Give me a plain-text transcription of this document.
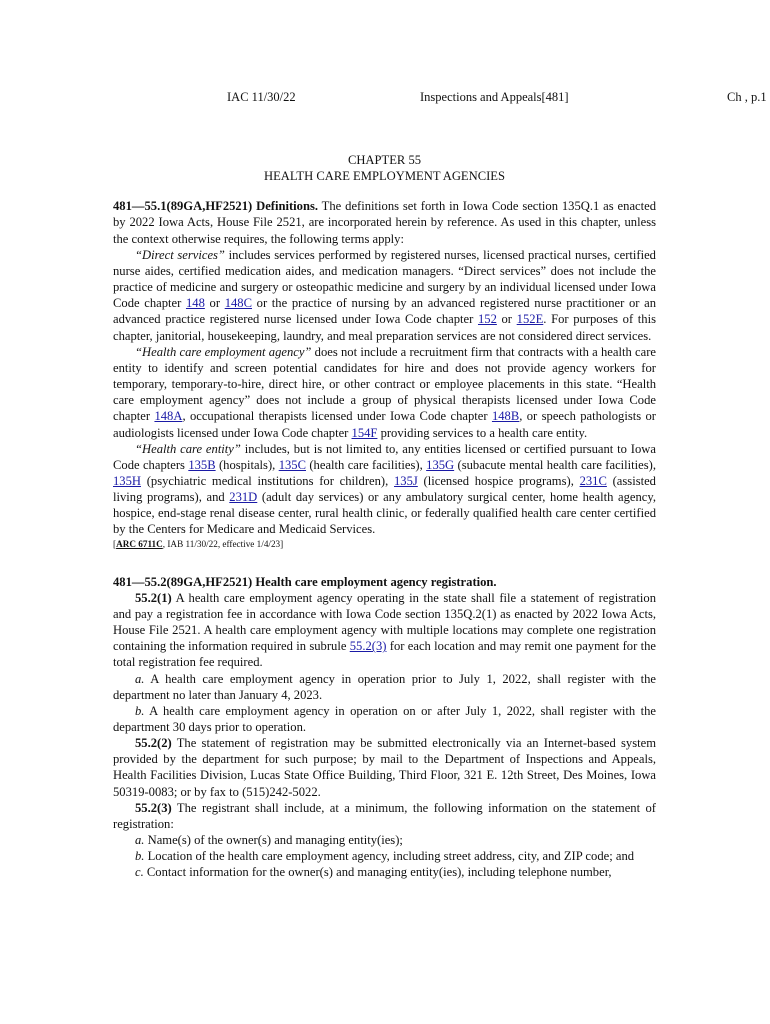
IAC 11/30/22	Inspections and Appeals[481]	Ch , p.1

CHAPTER 55

HEALTH CARE EMPLOYMENT AGENCIES

481—55.1(89GA,HF2521) Definitions. The definitions set forth in Iowa Code section 135Q.1 as enacted by 2022 Iowa Acts, House File 2521, are incorporated herein by reference. As used in this chapter, unless the context otherwise requires, the following terms apply:

“Direct services” includes services performed by registered nurses, licensed practical nurses, certified nurse aides, certified medication aides, and medication managers. “Direct services” does not include the practice of medicine and surgery or osteopathic medicine and surgery by an individual licensed under Iowa Code chapter 148 or 148C or the practice of nursing by an advanced registered nurse practitioner or an advanced practice registered nurse licensed under Iowa Code chapter 152 or 152E. For purposes of this chapter, janitorial, housekeeping, laundry, and meal preparation services are not considered direct services.

“Health care employment agency” does not include a recruitment firm that contracts with a health care entity to identify and screen potential candidates for hire and does not provide agency workers for temporary, temporary-to-hire, direct hire, or other contract or employee placements in this state. “Health care employment agency” does not include a group of physical therapists licensed under Iowa Code chapter 148A, occupational therapists licensed under Iowa Code chapter 148B, or speech pathologists or audiologists licensed under Iowa Code chapter 154F providing services to a health care entity.

“Health care entity” includes, but is not limited to, any entities licensed or certified pursuant to Iowa Code chapters 135B (hospitals), 135C (health care facilities), 135G (subacute mental health care facilities), 135H (psychiatric medical institutions for children), 135J (licensed hospice programs), 231C (assisted living programs), and 231D (adult day services) or any ambulatory surgical center, home health agency, hospice, end-stage renal disease center, rural health clinic, or federally qualified health care center certified by the Centers for Medicare and Medicaid Services.

[ARC 6711C, IAB 11/30/22, effective 1/4/23]

481—55.2(89GA,HF2521) Health care employment agency registration.

55.2(1) A health care employment agency operating in the state shall file a statement of registration and pay a registration fee in accordance with Iowa Code section 135Q.2(1) as enacted by 2022 Iowa Acts, House File 2521. A health care employment agency with multiple locations may complete one registration containing the information required in subrule 55.2(3) for each location and may remit one payment for the total registration fee required.

a. A health care employment agency in operation prior to July 1, 2022, shall register with the department no later than January 4, 2023.

b. A health care employment agency in operation on or after July 1, 2022, shall register with the department 30 days prior to operation.

55.2(2) The statement of registration may be submitted electronically via an Internet-based system provided by the department for such purpose; by mail to the Department of Inspections and Appeals, Health Facilities Division, Lucas State Office Building, Third Floor, 321 E. 12th Street, Des Moines, Iowa 50319-0083; or by fax to (515)242-5022.

55.2(3) The registrant shall include, at a minimum, the following information on the statement of registration:

a. Name(s) of the owner(s) and managing entity(ies);

b. Location of the health care employment agency, including street address, city, and ZIP code; and

c. Contact information for the owner(s) and managing entity(ies), including telephone number,
